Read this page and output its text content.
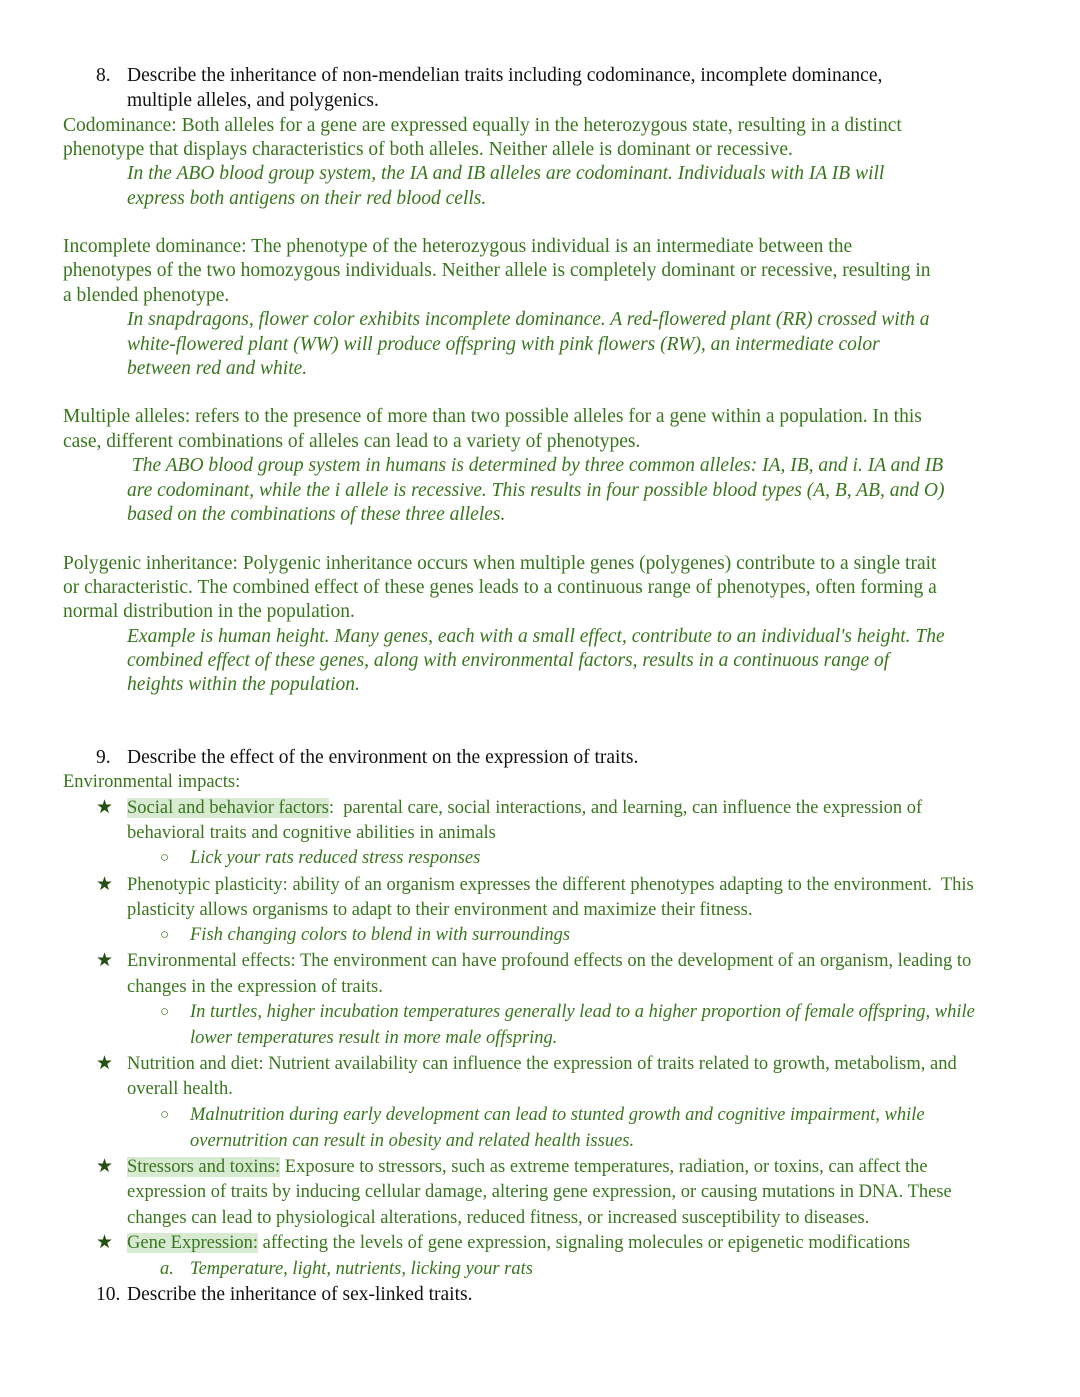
8. Describe the inheritance of non-mendelian traits including codominance, incomplete dominance,
multiple alleles, and polygenics.
Codominance: Both alleles for a gene are expressed equally in the heterozygous state, resulting in a distinct
phenotype that displays characteristics of both alleles. Neither allele is dominant or recessive.
In the ABO blood group system, the IA and IB alleles are codominant. Individuals with IA IB will
express both antigens on their red blood cells.
Incomplete dominance: The phenotype of the heterozygous individual is an intermediate between the
phenotypes of the two homozygous individuals. Neither allele is completely dominant or recessive, resulting in
a blended phenotype.
In snapdragons, flower color exhibits incomplete dominance. A red-flowered plant (RR) crossed with a
white-flowered plant (WW) will produce offspring with pink flowers (RW), an intermediate color
between red and white.
Multiple alleles: refers to the presence of more than two possible alleles for a gene within a population. In this
case, different combinations of alleles can lead to a variety of phenotypes.
The ABO blood group system in humans is determined by three common alleles: IA, IB, and i. IA and IB
are codominant, while the i allele is recessive. This results in four possible blood types (A, B, AB, and O)
based on the combinations of these three alleles.
Polygenic inheritance: Polygenic inheritance occurs when multiple genes (polygenes) contribute to a single trait
or characteristic. The combined effect of these genes leads to a continuous range of phenotypes, often forming a
normal distribution in the population.
Example is human height. Many genes, each with a small effect, contribute to an individual's height. The
combined effect of these genes, along with environmental factors, results in a continuous range of
heights within the population.
9. Describe the effect of the environment on the expression of traits.
Environmental impacts:
★ Social and behavior factors:  parental care, social interactions, and learning, can influence the expression of
behavioral traits and cognitive abilities in animals
○ Lick your rats reduced stress responses
★ Phenotypic plasticity: ability of an organism expresses the different phenotypes adapting to the environment.  This
plasticity allows organisms to adapt to their environment and maximize their fitness.
○ Fish changing colors to blend in with surroundings
★ Environmental effects: The environment can have profound effects on the development of an organism, leading to
changes in the expression of traits.
○ In turtles, higher incubation temperatures generally lead to a higher proportion of female offspring, while
lower temperatures result in more male offspring.
★ Nutrition and diet: Nutrient availability can influence the expression of traits related to growth, metabolism, and
overall health.
○ Malnutrition during early development can lead to stunted growth and cognitive impairment, while
overnutrition can result in obesity and related health issues.
★ Stressors and toxins: Exposure to stressors, such as extreme temperatures, radiation, or toxins, can affect the
expression of traits by inducing cellular damage, altering gene expression, or causing mutations in DNA. These
changes can lead to physiological alterations, reduced fitness, or increased susceptibility to diseases.
★ Gene Expression: affecting the levels of gene expression, signaling molecules or epigenetic modifications
a. Temperature, light, nutrients, licking your rats
10. Describe the inheritance of sex-linked traits.
